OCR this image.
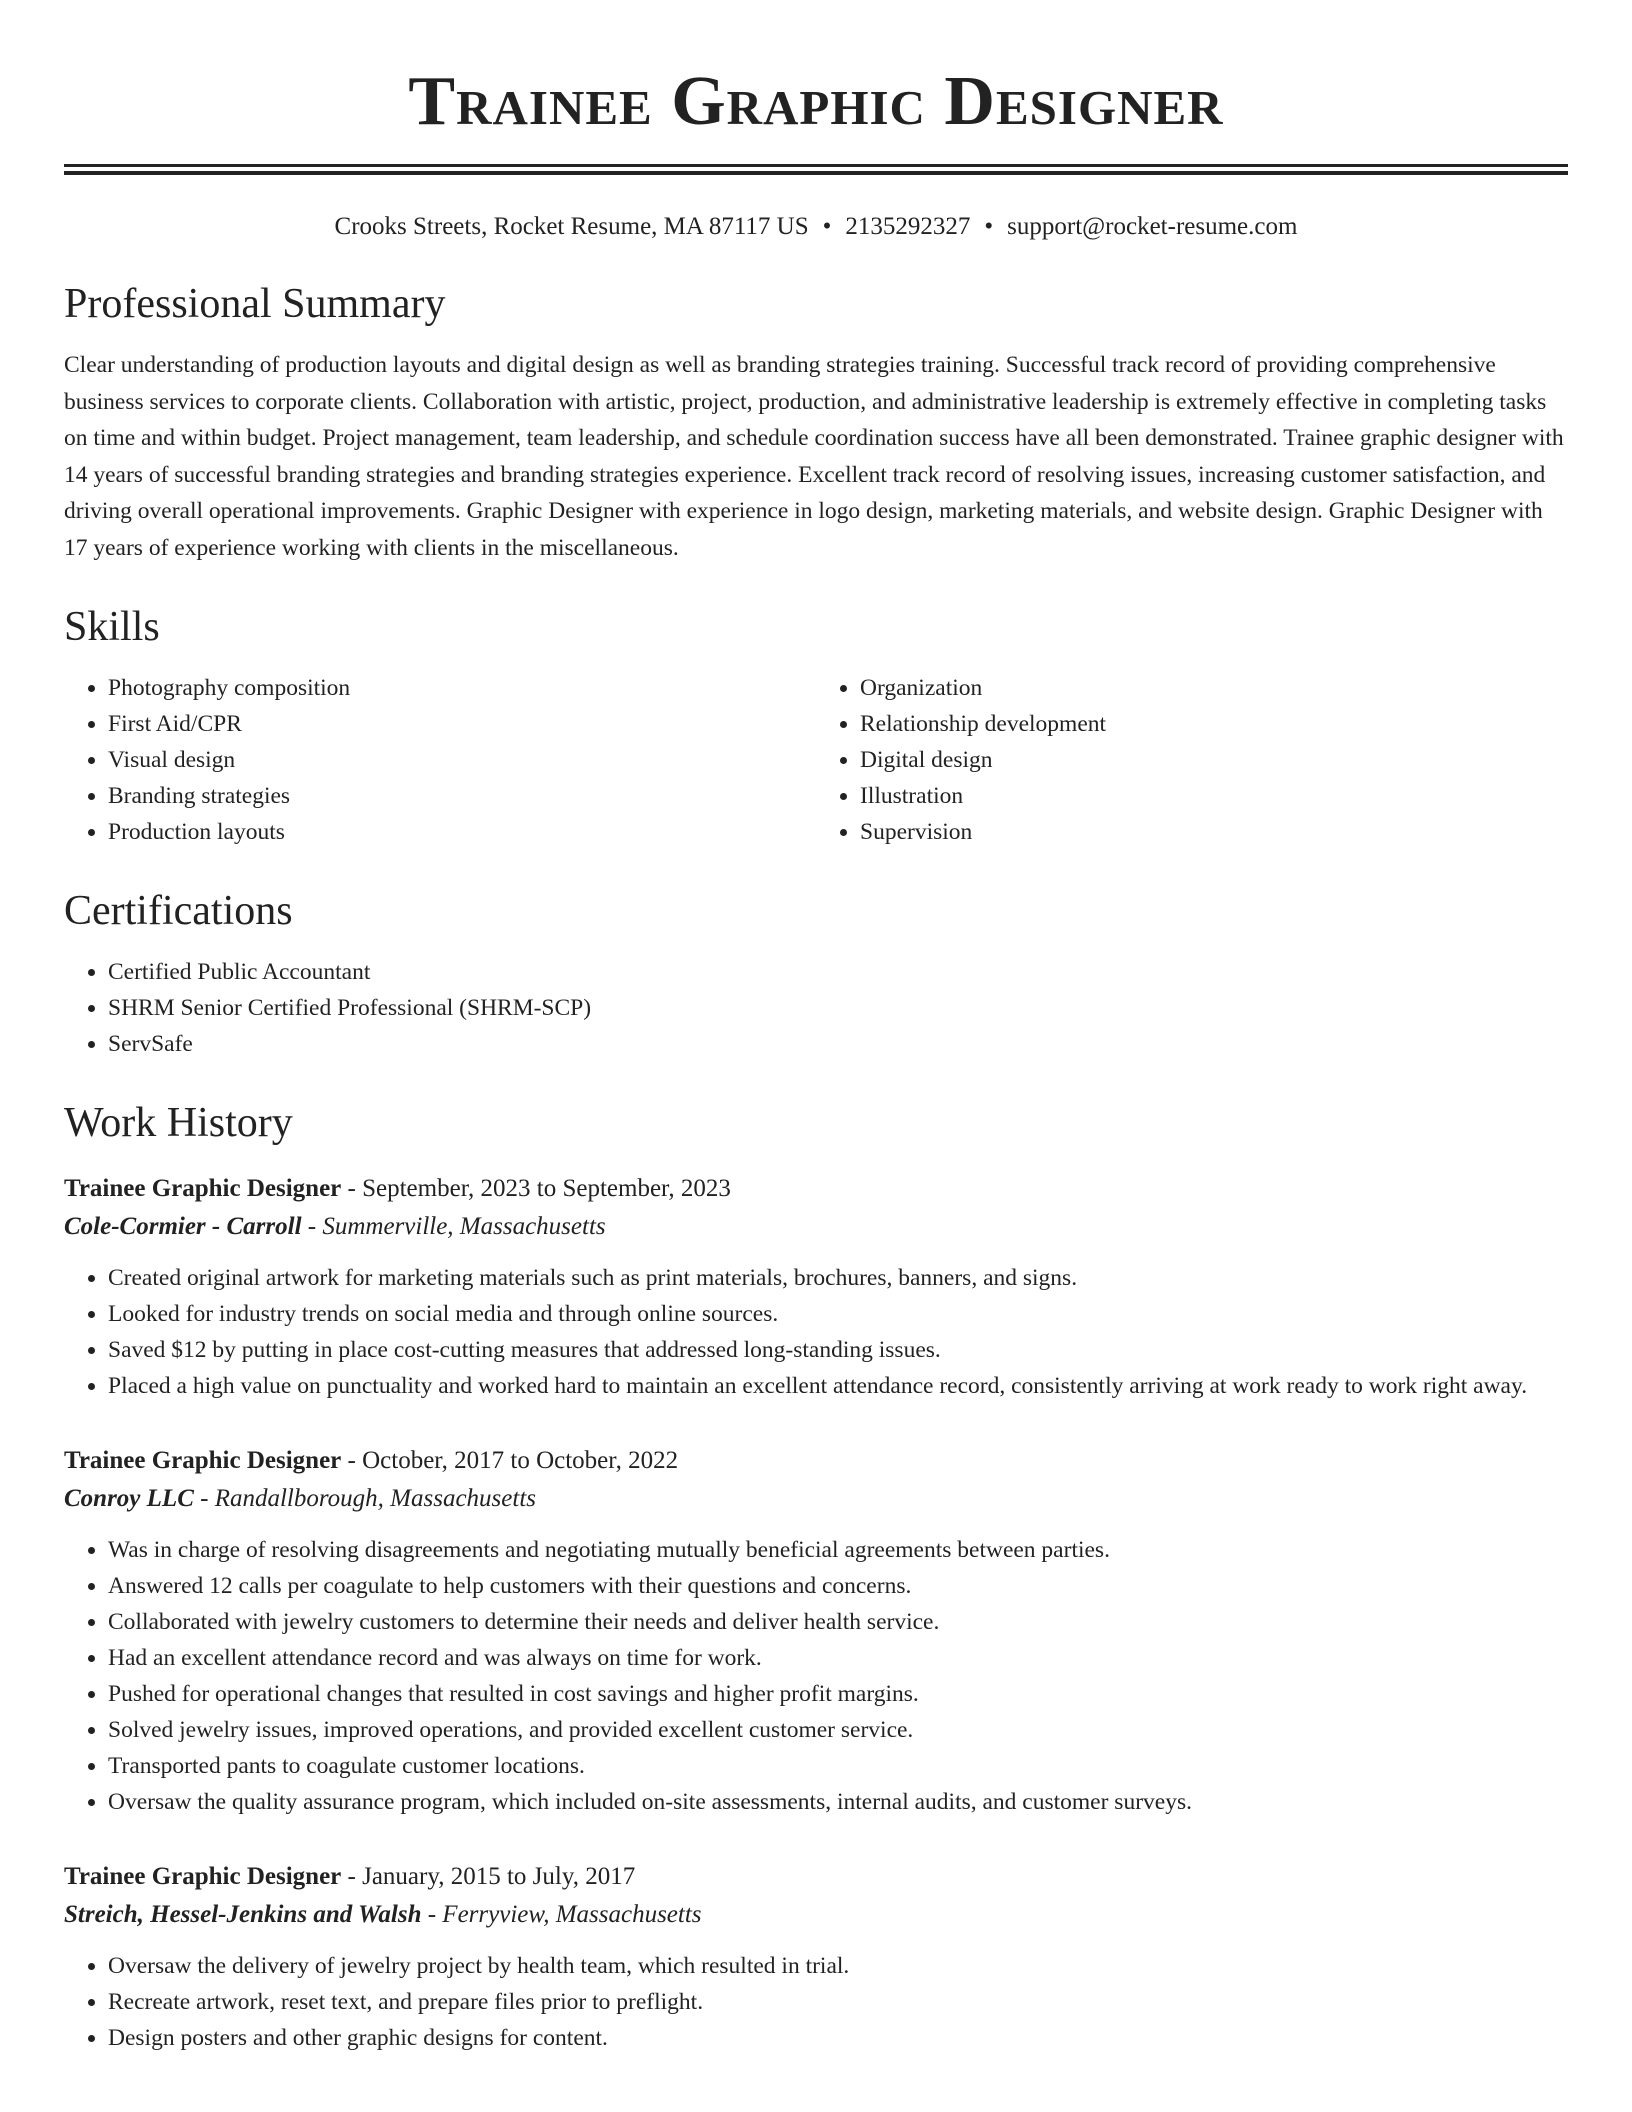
Trainee Graphic Designer
Crooks Streets, Rocket Resume, MA 87117 US • 2135292327 • support@rocket-resume.com
Professional Summary

Clear understanding of production layouts and digital design as well as branding strategies training. Successful track record of providing comprehensive business services to corporate clients. Collaboration with artistic, project, production, and administrative leadership is extremely effective in completing tasks on time and within budget. Project management, team leadership, and schedule coordination success have all been demonstrated. Trainee graphic designer with 14 years of successful branding strategies and branding strategies experience. Excellent track record of resolving issues, increasing customer satisfaction, and driving overall operational improvements. Graphic Designer with experience in logo design, marketing materials, and website design. Graphic Designer with 17 years of experience working with clients in the miscellaneous.

Skills
• Photography composition
• First Aid/CPR
• Visual design
• Branding strategies
• Production layouts
• Organization
• Relationship development
• Digital design
• Illustration
• Supervision
Certifications
• Certified Public Accountant
• SHRM Senior Certified Professional (SHRM-SCP)
• ServSafe
Work History
Trainee Graphic Designer - September, 2023 to September, 2023
Cole-Cormier - Carroll - Summerville, Massachusetts
• Created original artwork for marketing materials such as print materials, brochures, banners, and signs.
• Looked for industry trends on social media and through online sources.
• Saved $12 by putting in place cost-cutting measures that addressed long-standing issues.
• Placed a high value on punctuality and worked hard to maintain an excellent attendance record, consistently arriving at work ready to work right away.
Trainee Graphic Designer - October, 2017 to October, 2022
Conroy LLC - Randallborough, Massachusetts
• Was in charge of resolving disagreements and negotiating mutually beneficial agreements between parties.
• Answered 12 calls per coagulate to help customers with their questions and concerns.
• Collaborated with jewelry customers to determine their needs and deliver health service.
• Had an excellent attendance record and was always on time for work.
• Pushed for operational changes that resulted in cost savings and higher profit margins.
• Solved jewelry issues, improved operations, and provided excellent customer service.
• Transported pants to coagulate customer locations.
• Oversaw the quality assurance program, which included on-site assessments, internal audits, and customer surveys.
Trainee Graphic Designer - January, 2015 to July, 2017
Streich, Hessel-Jenkins and Walsh - Ferryview, Massachusetts
• Oversaw the delivery of jewelry project by health team, which resulted in trial.
• Recreate artwork, reset text, and prepare files prior to preflight.
• Design posters and other graphic designs for content.
